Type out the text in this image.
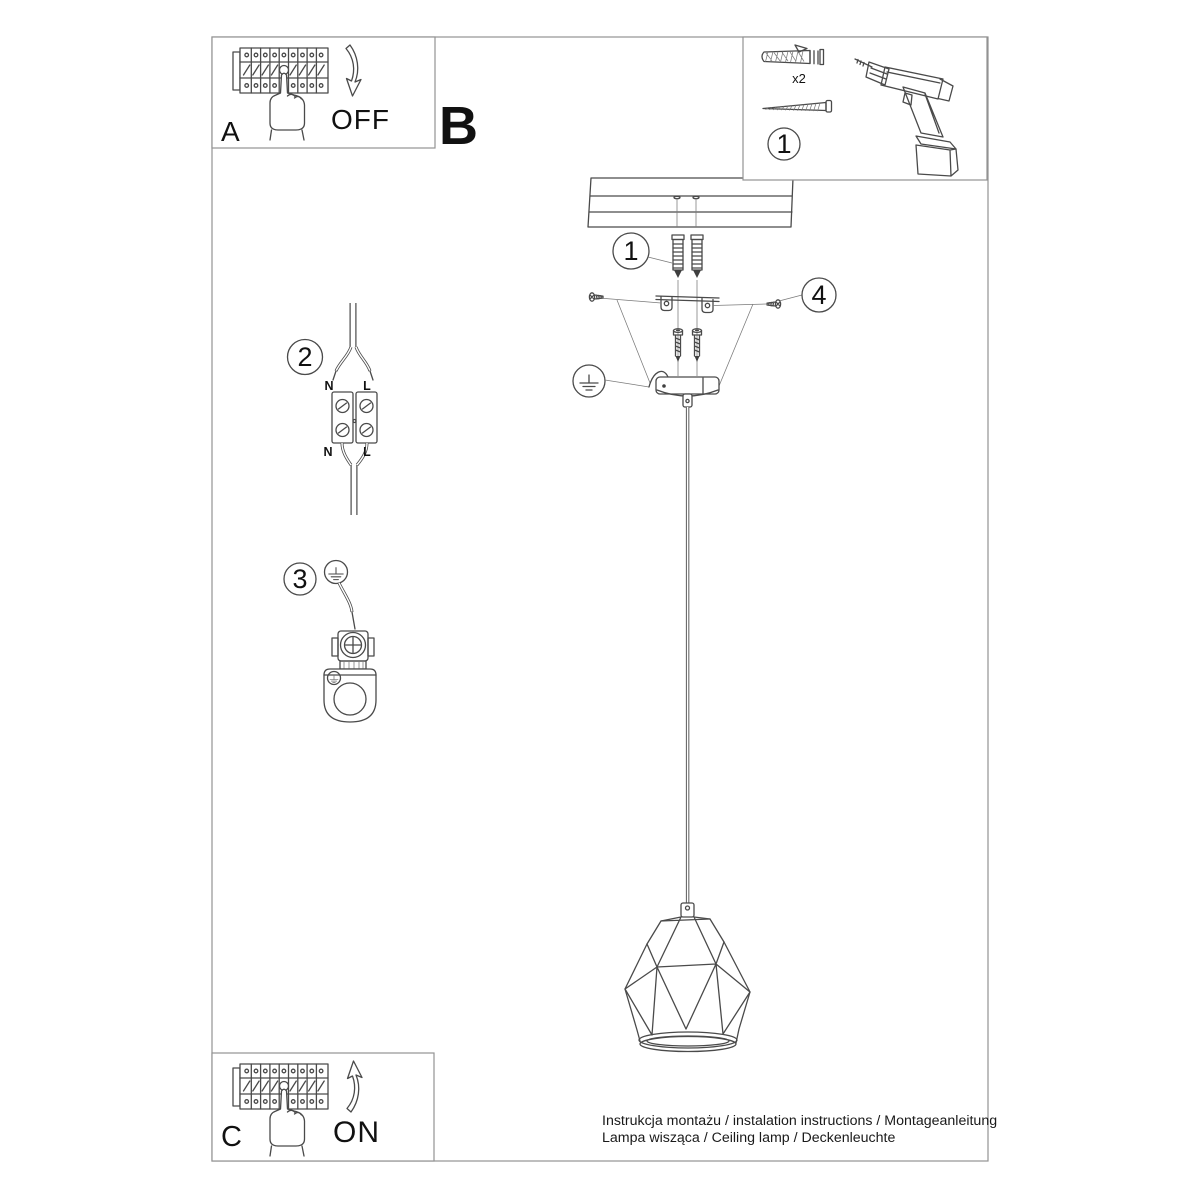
A	OFF B
x2
1
1
2
3
4
N	L
N	L
C	ON	Instrukcja montażu / instalation instructions / Montageanleitung
Lampa wisząca / Ceiling lamp / Deckenleuchte
